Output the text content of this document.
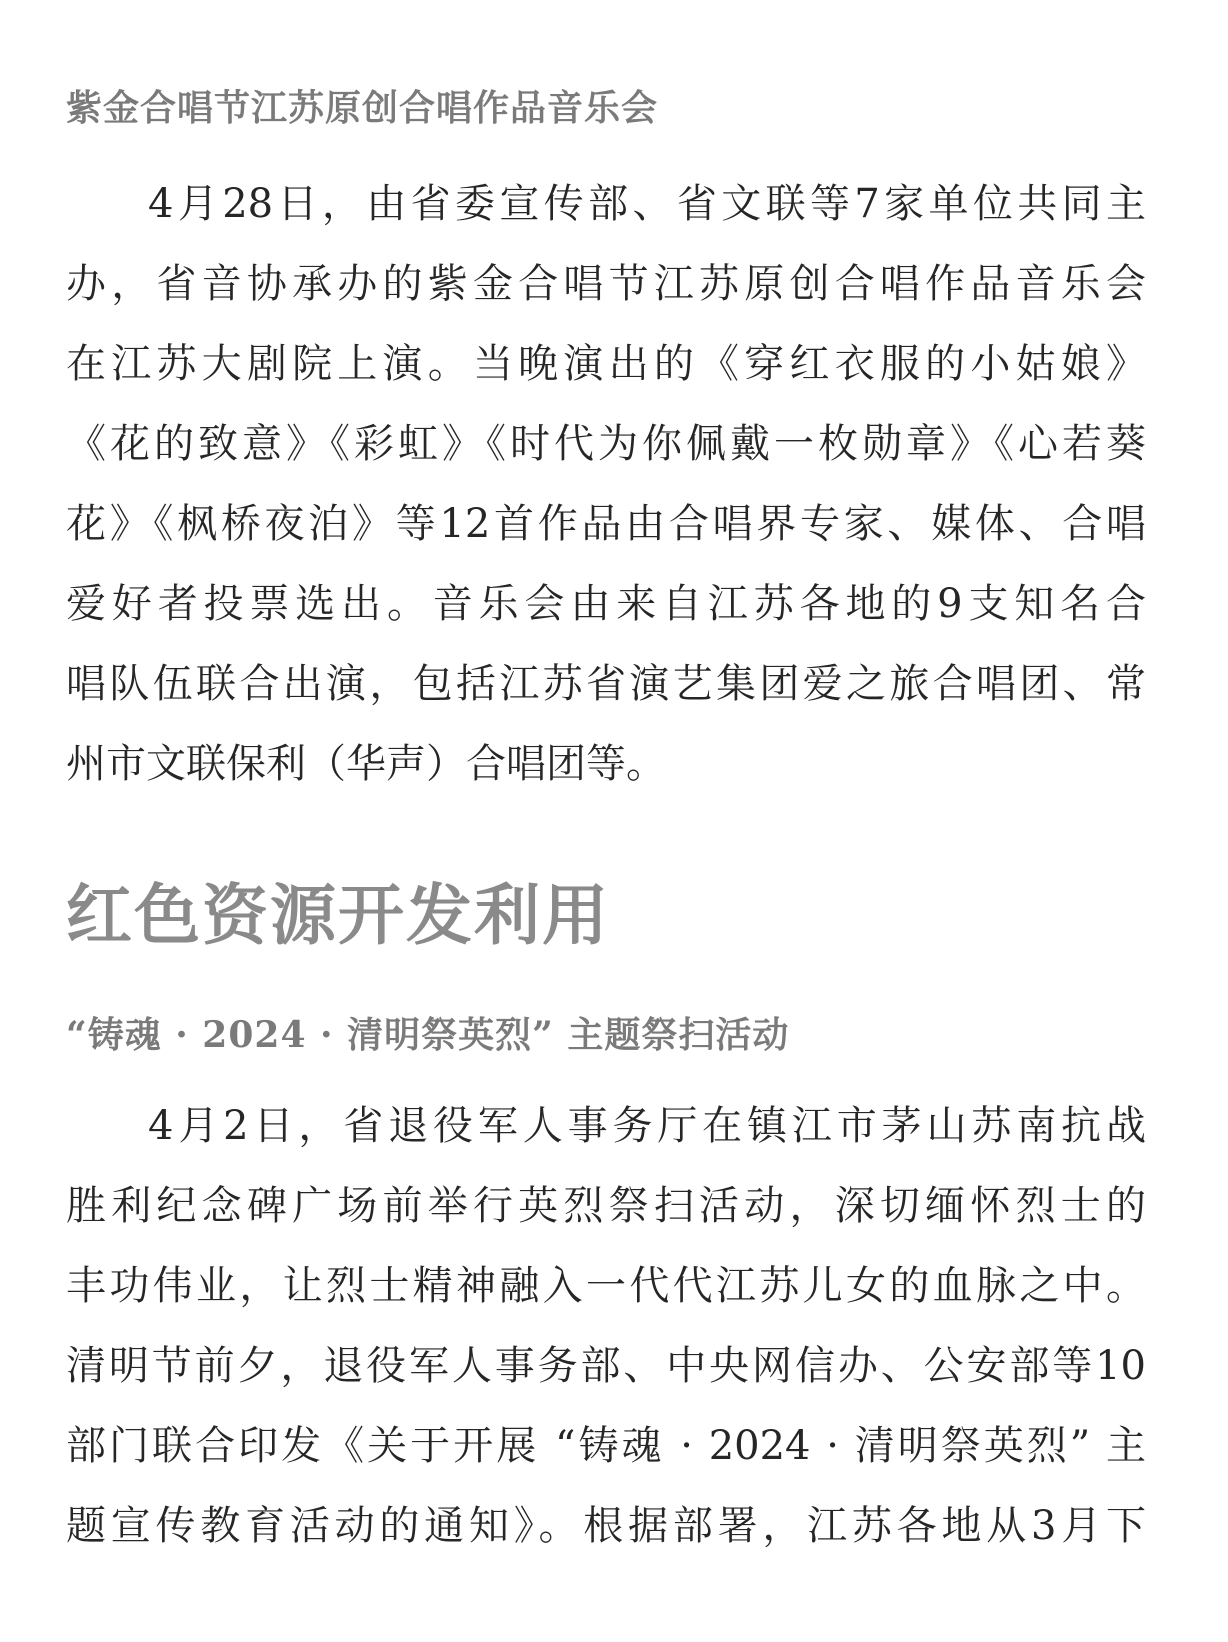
紫金合唱节江苏原创合唱作品音乐会
4月28日，由省委宣传部、省文联等7家单位共同主
办，省音协承办的紫金合唱节江苏原创合唱作品音乐会
在江苏大剧院上演。当晚演出的《穿红衣服的小姑娘》
《花的致意》《彩虹》《时代为你佩戴一枚勋章》《心若葵
花》《枫桥夜泊》等12首作品由合唱界专家、媒体、合唱
爱好者投票选出。音乐会由来自江苏各地的9支知名合
唱队伍联合出演，包括江苏省演艺集团爱之旅合唱团、常
州市文联保利（华声）合唱团等。
红色资源开发利用
“铸魂 · 2024 · 清明祭英烈” 主题祭扫活动
4月2日，省退役军人事务厅在镇江市茅山苏南抗战
胜利纪念碑广场前举行英烈祭扫活动，深切缅怀烈士的
丰功伟业，让烈士精神融入一代代江苏儿女的血脉之中。
清明节前夕，退役军人事务部、中央网信办、公安部等10
部门联合印发《关于开展 “铸魂 · 2024 · 清明祭英烈” 主
题宣传教育活动的通知》。根据部署，江苏各地从3月下
